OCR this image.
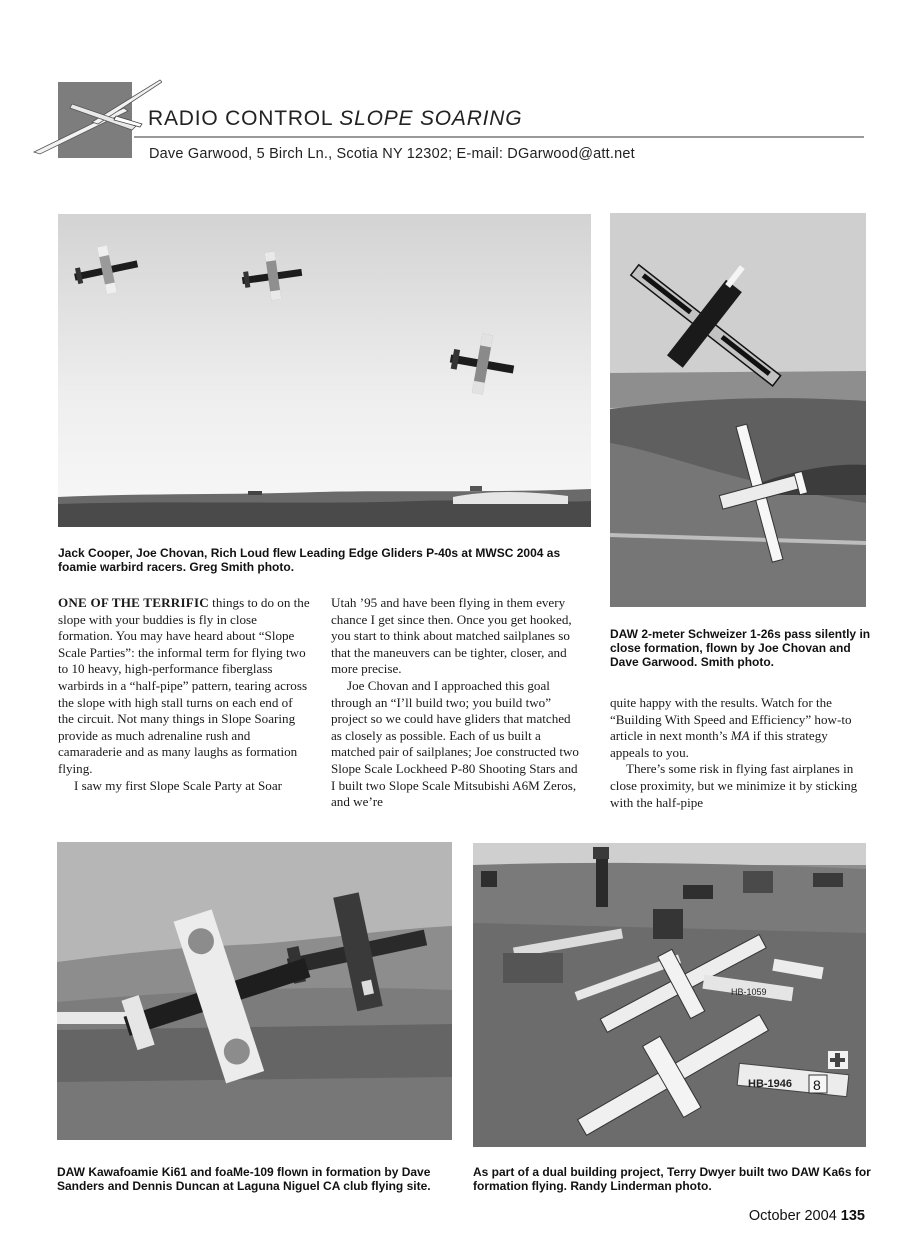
RADIO CONTROL SLOPE SOARING
Dave Garwood, 5 Birch Ln., Scotia NY 12302; E-mail: DGarwood@att.net
Jack Cooper, Joe Chovan, Rich Loud flew Leading Edge Gliders P-40s at MWSC 2004 as foamie warbird racers. Greg Smith photo.
DAW 2-meter Schweizer 1-26s pass silently in close formation, flown by Joe Chovan and Dave Garwood. Smith photo.

ONE OF THE TERRIFIC things to do on the slope with your buddies is fly in close formation. You may have heard about “Slope Scale Parties”: the informal term for flying two to 10 heavy, high-performance fiberglass warbirds in a “half-pipe” pattern, tearing across the slope with high stall turns on each end of the circuit. Not many things in Slope Soaring provide as much adrenaline rush and camaraderie and as many laughs as formation flying.

I saw my first Slope Scale Party at Soar

Utah ’95 and have been flying in them every chance I get since then. Once you get hooked, you start to think about matched sailplanes so that the maneuvers can be tighter, closer, and more precise.

Joe Chovan and I approached this goal through an “I’ll build two; you build two” project so we could have gliders that matched as closely as possible. Each of us built a matched pair of sailplanes; Joe constructed two Slope Scale Lockheed P-80 Shooting Stars and I built two Slope Scale Mitsubishi A6M Zeros, and we’re

quite happy with the results. Watch for the “Building With Speed and Efficiency” how-to article in next month’s MA if this strategy appeals to you.

There’s some risk in flying fast airplanes in close proximity, but we minimize it by sticking with the half-pipe

DAW Kawafoamie Ki61 and foaMe-109 flown in formation by Dave Sanders and Dennis Duncan at Laguna Niguel CA club flying site.
HB-1059
HB-1946 8
As part of a dual building project, Terry Dwyer built two DAW Ka6s for formation flying. Randy Linderman photo.
October 2004 135
